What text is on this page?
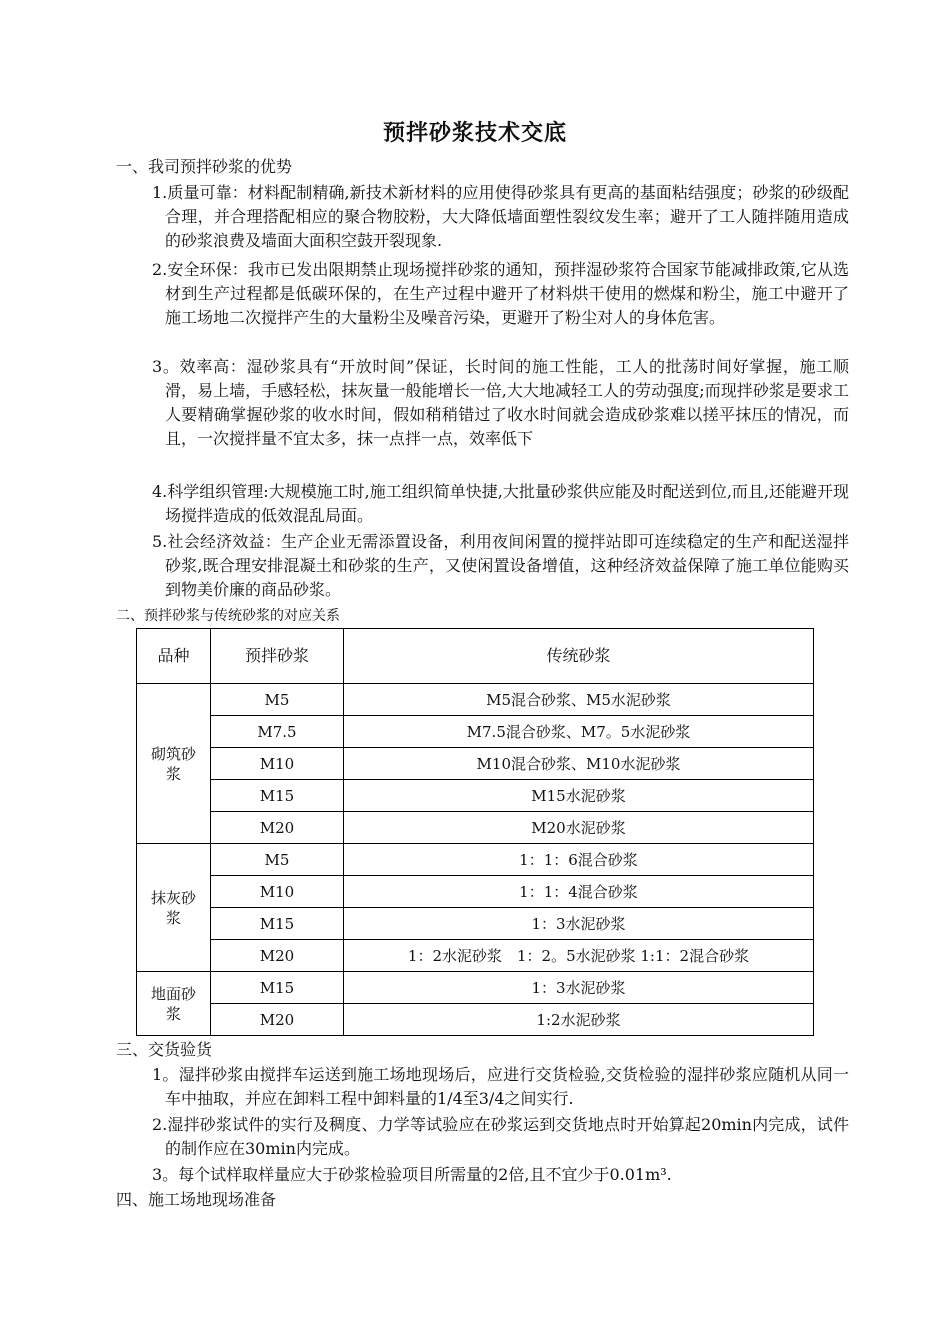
预拌砂浆技术交底
一、我司预拌砂浆的优势
1.质量可靠：材料配制精确,新技术新材料的应用使得砂浆具有更高的基面粘结强度；砂浆的砂级配合理，并合理搭配相应的聚合物胶粉，大大降低墙面塑性裂纹发生率；避开了工人随拌随用造成的砂浆浪费及墙面大面积空鼓开裂现象.
2.安全环保：我市已发出限期禁止现场搅拌砂浆的通知，预拌湿砂浆符合国家节能减排政策,它从选材到生产过程都是低碳环保的，在生产过程中避开了材料烘干使用的燃煤和粉尘，施工中避开了施工场地二次搅拌产生的大量粉尘及噪音污染，更避开了粉尘对人的身体危害。
3。效率高：湿砂浆具有“开放时间”保证，长时间的施工性能，工人的批荡时间好掌握，施工顺滑，易上墙，手感轻松，抹灰量一般能增长一倍,大大地减轻工人的劳动强度;而现拌砂浆是要求工人要精确掌握砂浆的收水时间，假如稍稍错过了收水时间就会造成砂浆难以搓平抹压的情况，而且，一次搅拌量不宜太多，抹一点拌一点，效率低下
4.科学组织管理:大规模施工时,施工组织简单快捷,大批量砂浆供应能及时配送到位,而且,还能避开现场搅拌造成的低效混乱局面。
5.社会经济效益：生产企业无需添置设备，利用夜间闲置的搅拌站即可连续稳定的生产和配送湿拌砂浆,既合理安排混凝土和砂浆的生产，又使闲置设备增值，这种经济效益保障了施工单位能购买到物美价廉的商品砂浆。
二、预拌砂浆与传统砂浆的对应关系
品种	预拌砂浆	传统砂浆
砌筑砂浆	M5	M5混合砂浆、M5水泥砂浆
	M7.5	M7.5混合砂浆、M7。5水泥砂浆
	M10	M10混合砂浆、M10水泥砂浆
	M15	M15水泥砂浆
	M20	M20水泥砂浆
抹灰砂浆	M5	1：1：6混合砂浆
	M10	1：1：4混合砂浆
	M15	1：3水泥砂浆
	M20	1：2水泥砂浆　1：2。5水泥砂浆 1:1：2混合砂浆
地面砂浆	M15	1：3水泥砂浆
	M20	1:2水泥砂浆
三、交货验货
1。湿拌砂浆由搅拌车运送到施工场地现场后，应进行交货检验,交货检验的湿拌砂浆应随机从同一车中抽取，并应在卸料工程中卸料量的1/4至3/4之间实行.
2.湿拌砂浆试件的实行及稠度、力学等试验应在砂浆运到交货地点时开始算起20min内完成，试件的制作应在30min内完成。
3。每个试样取样量应大于砂浆检验项目所需量的2倍,且不宜少于0.01m³.
四、施工场地现场准备
